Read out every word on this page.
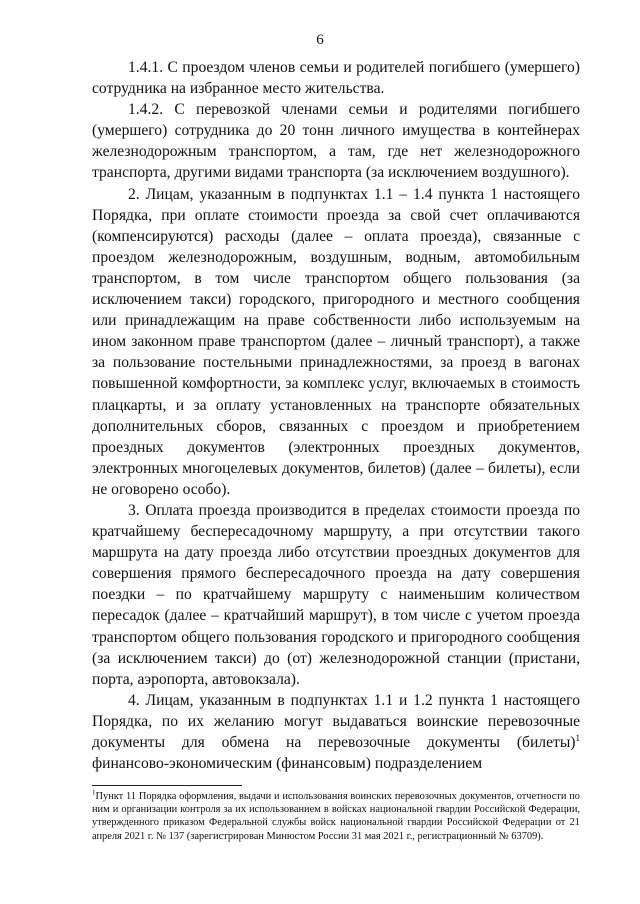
6

1.4.1. С проездом членов семьи и родителей погибшего (умершего) сотрудника на избранное место жительства.

1.4.2. С перевозкой членами семьи и родителями погибшего (умершего) сотрудника до 20 тонн личного имущества в контейнерах железнодорожным транспортом, а там, где нет железнодорожного транспорта, другими видами транспорта (за исключением воздушного).

2. Лицам, указанным в подпунктах 1.1 – 1.4 пункта 1 настоящего Порядка, при оплате стоимости проезда за свой счет оплачиваются (компенсируются) расходы (далее – оплата проезда), связанные с проездом железнодорожным, воздушным, водным, автомобильным транспортом, в том числе транспортом общего пользования (за исключением такси) городского, пригородного и местного сообщения или принадлежащим на праве собственности либо используемым на ином законном праве транспортом (далее – личный транспорт), а также за пользование постельными принадлежностями, за проезд в вагонах повышенной комфортности, за комплекс услуг, включаемых в стоимость плацкарты, и за оплату установленных на транспорте обязательных дополнительных сборов, связанных с проездом и приобретением проездных документов (электронных проездных документов, электронных многоцелевых документов, билетов) (далее – билеты), если не оговорено особо).

3. Оплата проезда производится в пределах стоимости проезда по кратчайшему беспересадочному маршруту, а при отсутствии такого маршрута на дату проезда либо отсутствии проездных документов для совершения прямого беспересадочного проезда на дату совершения поездки – по кратчайшему маршруту с наименьшим количеством пересадок (далее – кратчайший маршрут), в том числе с учетом проезда транспортом общего пользования городского и пригородного сообщения (за исключением такси) до (от) железнодорожной станции (пристани, порта, аэропорта, автовокзала).

4. Лицам, указанным в подпунктах 1.1 и 1.2 пункта 1 настоящего Порядка, по их желанию могут выдаваться воинские перевозочные документы для обмена на перевозочные документы (билеты)$^1$ финансово-экономическим (финансовым) подразделением

$^1$Пункт 11 Порядка оформления, выдачи и использования воинских перевозочных документов, отчетности по ним и организации контроля за их использованием в войсках национальной гвардии Российской Федерации, утвержденного приказом Федеральной службы войск национальной гвардии Российской Федерации от 21 апреля 2021 г. № 137 (зарегистрирован Минюстом России 31 мая 2021 г., регистрационный № 63709).
